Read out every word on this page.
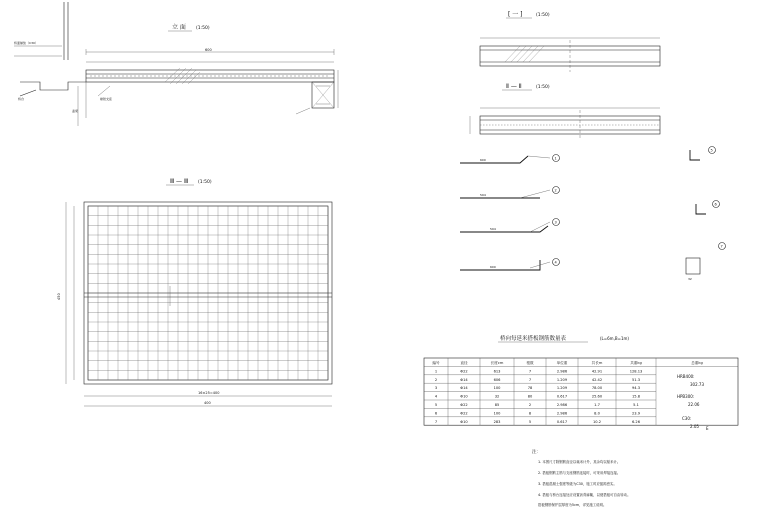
立 面 (1:50)
桥面铺装（C30）
600
桥台
盖梁
橡胶支座
[ 一 ]	(1:50)
Ⅱ — Ⅱ	(1:50)
1
600
2
594
3
594
4
600
5
6
7
32
Ⅲ — Ⅲ (1:50)
450
16×25=400
400
桥向每延米搭板钢筋数量表	(L=6m,B=1m)
编号	直径	长度cm	根数	单位重	共长m	共重kg	总重kg
1	Φ22	613	7	2.986	42.91	128.13
2	Φ14	606	7	1.209	42.42	51.3
3	Φ14	100	78	1.209	78.00	94.3
4	Φ10	32	80	0.617	25.60	15.8
5	Φ22	85	2	2.986	1.7	5.1
6	Φ22	100	8	2.986	8.0	23.9
7	Φ10	283	5	0.617	10.2	6.26
HRB400:
302.73
HPB300:
22.06
C30:
2.05 E
注：
1. 本图尺寸除钢筋直径以毫米计外，其余均以厘米计。
2. 搭板钢筋主筋与支座钢筋连接时，可采用焊接连接。
3. 搭板混凝土强度等级为C30，施工时应振捣密实。
4. 搭板与桥台连接处应设置沥青麻絮，以便搭板可自由转动。
搭板钢筋保护层厚度为5cm，详见施工说明。
